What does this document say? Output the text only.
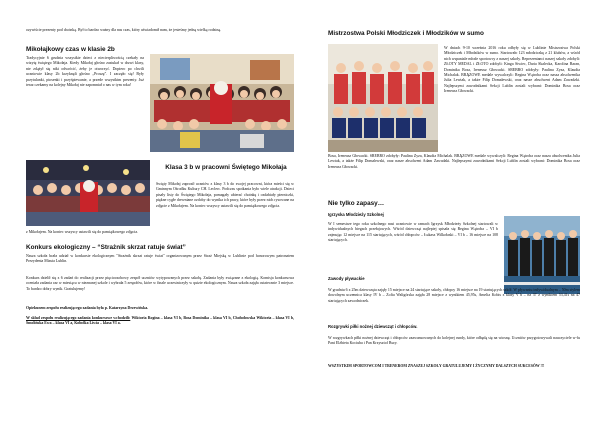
ozywiście prezenty pod choinką. Był to bardzo ważny dla nas czas, który uświadomił nam, że jesteśmy jedną wielką rodziną.

Mikołajkowy czas w klasie 2b

Tradycyjnie 6 grudnia wszystkie dzieci z niecierpliwością czekały na wizytę świętego Mikołaja. Kiedy Mikołaj głośno zastukał w drzwi klasy, nie zdążył się nikt odwrócić, żeby je otworzyć. Dopiero po chwili uczniowie klasy 2b krzyknęli głośno „Proszę”. I zaczęło się! Były przytulanki, piosenki i przyśpiewanie, a przede wszystkim prezenty. Już teraz czekamy na kolejny Mikołaj nie zapomniał o nas w tym roku!

Klasa 3 b w pracowni Świętego Mikołaja

Święty Mikołaj zaprosił uczniów z klasy 3 b do swojej pracowni, która mieści się w Gminnym Ośrodku Kultury CH. Leclerc. Podczas spotkania było wiele atrakcji. Dzieci pisały listy do Świętego Mikołaja, pomagały ubierać choinkę i ozdabiały pierniczki, piękne cygłe drewniane ozdoby do wynika ich pracy, które były przez nich rysowane na zdjęcie z Mikołajem. Na koniec wszyscy ustawili się do pamiątkowego zdjęcia.

z Mikołajem. Na koniec wszyscy ustawili się do pamiątkowego zdjęcia.

Konkurs ekologiczny – “Strażnik skrzat ratuje świat”

Nasza szkoła brała udział w konkursie ekologicznym "Strażnik skrzat ratuje świat" organizowanym przez Straż Miejską w Lublinie pod honorowym patronatem Prezydenta Miasta Lublin.

Konkurs dzielił się z 6 zadań do realizacji przez pięcioosobowy zespół uczniów wytypowanych przez szkołę. Zadania były związane z ekologią. Komisja konkursowa oceniała zadania raz w miesiącu w nieznanej szkole i wybrała 5 zespołów, które w finale uczestniczyły w quizie ekologicznym. Nasza szkoła zajęła ostatecznie 3 miejsce. To bardzo dobry wynik. Gratulujemy!

Opiekunem zespołu realizującego zadania była p. Katarzyna Drzewińska.

W skład zespołu realizującego zadania konkursowe wchodzili: Wiktoria Rogina – klasa VI b, Bosa Dominika – klasa VI b, Chołodowska Wiktoria – klasa VI b, Smolińska Ewa – klasa VI a, Kołodka Liwia – klasa VI a.

Mistrzostwa Polski Młodziczek i Młodzików w sumo

W dniach 9-10 września 2016 roku odbyły się w Lublinie Mistrzostwa Polski Młodziczek i Młodzików w sumo. Startowało 123 młodziczkę z 21 klubów, a wśród nich wspaniale młode sportowcy z naszej szkoły. Reprezentanci naszej szkoły zdobyli: ZŁOTY MEDAL i ZŁOTO zdobyli: Kinga Siwiec, Daria Skalecka, Karolina Baran, Dominika Bosa, Ireneusz Głowacki. SREBRO zdobyły: Paulina Zyza, Klaudia Michalak. BRĄZOWE medale wywalczyli: Regina Wątroba oraz nasza absolwentka Julia Lewtak, a także Filip Domalewski, oraz nasze absolwent Adam Zawadzki. Najlepszymi zawodnikami Sekcji Lublin zostali wybrani: Dominika Bosa oraz Ireneusz Głowacki.

Bosa, Ireneusz Głowacki. SREBRO zdobyły: Paulina Zyza, Klaudia Michalak. BRĄZOWE medale wywalczyli: Regina Wątroba oraz nasza absolwentka Julia Lewtak, a także Filip Domalewski, oraz nasze absolwent Adam Zawadzki. Najlepszymi zawodnikami Sekcji Lublin zostali wybrani: Dominika Bosa oraz Ireneusz Głowacki.

Nie tylko zapasy…
Igrzyska Młodzieży Szkolnej

W I semestrze tego roku szkolnego nasi uczniowie w ramach Igrzysk Młodzieży Szkolnej startowali w indywidualnych biegach przełajowych. Wśród dziewcząt najlepiej spisała się Regina Wątroba – VI b zajmując 12 miejsce na 115 startujących, wśród chłopców – Łukasz Wilkołaski – VI b – 16 miejsce na 108 startujących.

Zawody pływackie

W grudniu 6 x 25m dziewczęta zajęły 15 miejsce na 24 startujące szkoły, chłopcy 16 miejsce na 19 startujących szkół. W pływaniu indywidualnym – 50m stylem dowolnym uczennica klasy IV b – Zofia Waligórska zajęła 28 miejsce z wynikiem 45,95s, Amelia Kobis z klasy V b – na 37 z wynikiem 53,41s na 47 startujących zawodniczek.

Rozgrywki piłki nożnej dziewcząt i chłopców.

W rozgrywkach piłki nożnej dziewczęt i chłopców zaawansowanych do kolejnej rundy, które odbędą się na wiosnę. Uczniów przygotowywali nauczyciele w-fu Pani Elżbieta Kociuba i Pan Krzysztof Bury.

WSZYSTKIM SPORTOWCOM I TRENEROM ZNASZEJ SZKOŁY GRATULUJEMY I ŻYCZYMY DALSZYCH SUKCESÓW !!!
